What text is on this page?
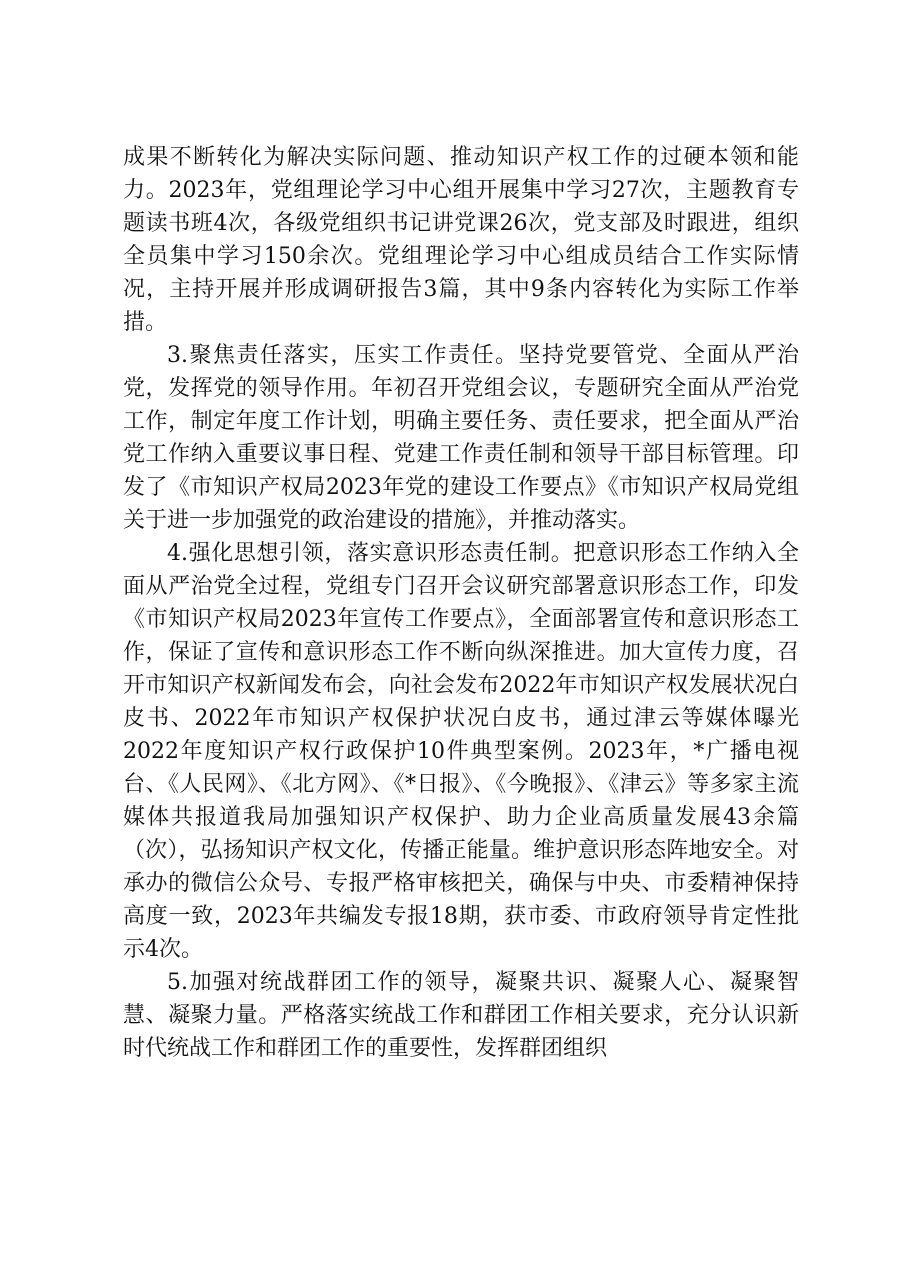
成果不断转化为解决实际问题、推动知识产权工作的过硬本领和能力。2023年，党组理论学习中心组开展集中学习27次，主题教育专题读书班4次，各级党组织书记讲党课26次，党支部及时跟进，组织全员集中学习150余次。党组理论学习中心组成员结合工作实际情况，主持开展并形成调研报告3篇，其中9条内容转化为实际工作举措。

3.聚焦责任落实，压实工作责任。坚持党要管党、全面从严治党，发挥党的领导作用。年初召开党组会议，专题研究全面从严治党工作，制定年度工作计划，明确主要任务、责任要求，把全面从严治党工作纳入重要议事日程、党建工作责任制和领导干部目标管理。印发了《市知识产权局2023年党的建设工作要点》《市知识产权局党组关于进一步加强党的政治建设的措施》，并推动落实。

4.强化思想引领，落实意识形态责任制。把意识形态工作纳入全面从严治党全过程，党组专门召开会议研究部署意识形态工作，印发《市知识产权局2023年宣传工作要点》，全面部署宣传和意识形态工作，保证了宣传和意识形态工作不断向纵深推进。加大宣传力度，召开市知识产权新闻发布会，向社会发布2022年市知识产权发展状况白皮书、2022年市知识产权保护状况白皮书，通过津云等媒体曝光2022年度知识产权行政保护10件典型案例。2023年，*广播电视台、《人民网》、《北方网》、《*日报》、《今晚报》、《津云》等多家主流媒体共报道我局加强知识产权保护、助力企业高质量发展43余篇（次），弘扬知识产权文化，传播正能量。维护意识形态阵地安全。对承办的微信公众号、专报严格审核把关，确保与中央、市委精神保持高度一致，2023年共编发专报18期，获市委、市政府领导肯定性批示4次。

5.加强对统战群团工作的领导，凝聚共识、凝聚人心、凝聚智慧、凝聚力量。严格落实统战工作和群团工作相关要求，充分认识新时代统战工作和群团工作的重要性，发挥群团组织
